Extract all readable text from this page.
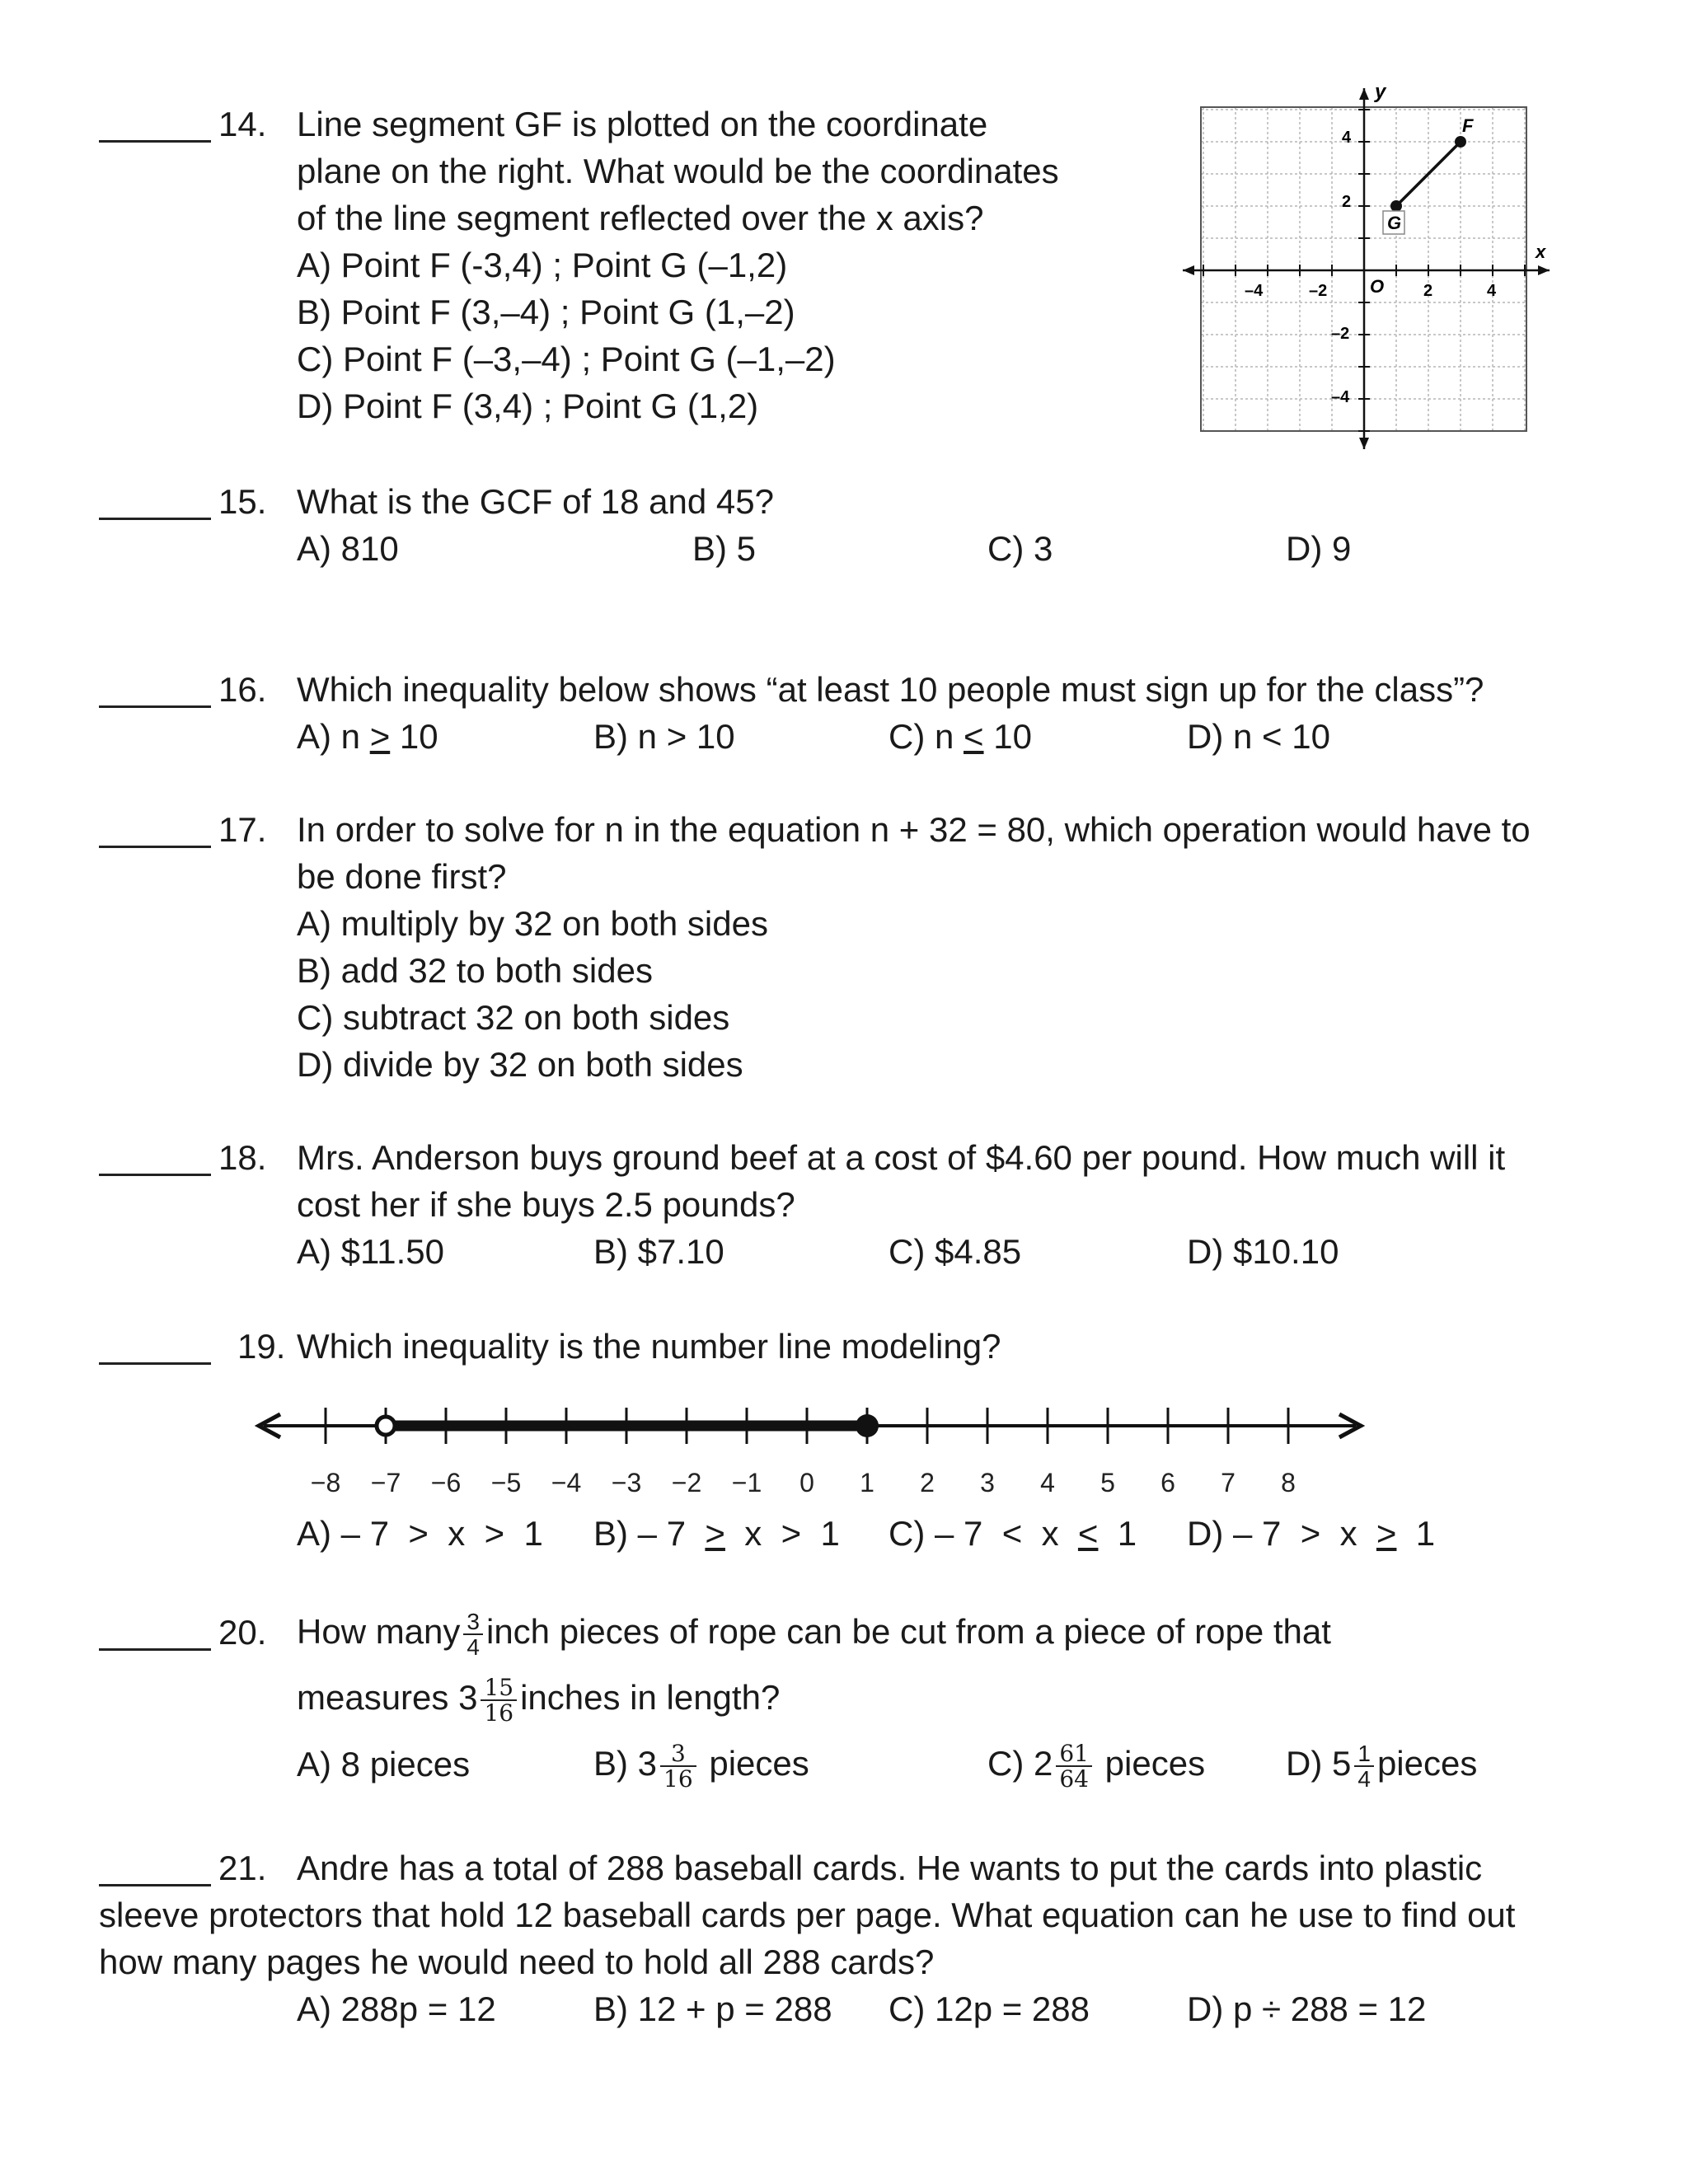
14. Line segment GF is plotted on the coordinate
plane on the right. What would be the coordinates
of the line segment reflected over the x axis?
A) Point F (-3,4) ; Point G (–1,2)
B) Point F (3,–4) ; Point G (1,–2)
C) Point F (–3,–4) ; Point G (–1,–2)
D) Point F (3,4) ; Point G (1,2)
x
y
O
–4	–2	2	4
4
2
–2
–4
G
F
15. What is the GCF of 18 and 45?
A) 810	B) 5	C) 3	D) 9
16. Which inequality below shows “at least 10 people must sign up for the class”?
A) n > 10	B) n > 10	C) n < 10	D) n < 10
17. In order to solve for n in the equation n + 32 = 80, which operation would have to
be done first?
A) multiply by 32 on both sides
B) add 32 to both sides
C) subtract 32 on both sides
D) divide by 32 on both sides
18. Mrs. Anderson buys ground beef at a cost of $4.60 per pound. How much will it
cost her if she buys 2.5 pounds?
A) $11.50	B) $7.10	C) $4.85	D) $10.10
19. Which inequality is the number line modeling?
−8 −7 −6 −5 −4 −3 −2 −1 0 1 2 3 4 5 6 7 8
A) – 7  >  x  >  1 B) – 7  >  x  >  1 C) – 7  <  x  <  1 D) – 7  >  x  >  1
20. How many $\frac{3}{4}$ inch pieces of rope can be cut from a piece of rope that
measures $3 \frac{15}{16}$ inches in length?
A) 8 pieces	B) $3 \frac{3}{16}$ pieces	C) $2 \frac{61}{64}$ pieces D) $5 \frac{1}{4}$ pieces
21. Andre has a total of 288 baseball cards. He wants to put the cards into plastic
sleeve protectors that hold 12 baseball cards per page. What equation can he use to find out
how many pages he would need to hold all 288 cards?
A) 288p = 12	B) 12 + p = 288 C) 12p = 288	D) p ÷ 288 = 12
